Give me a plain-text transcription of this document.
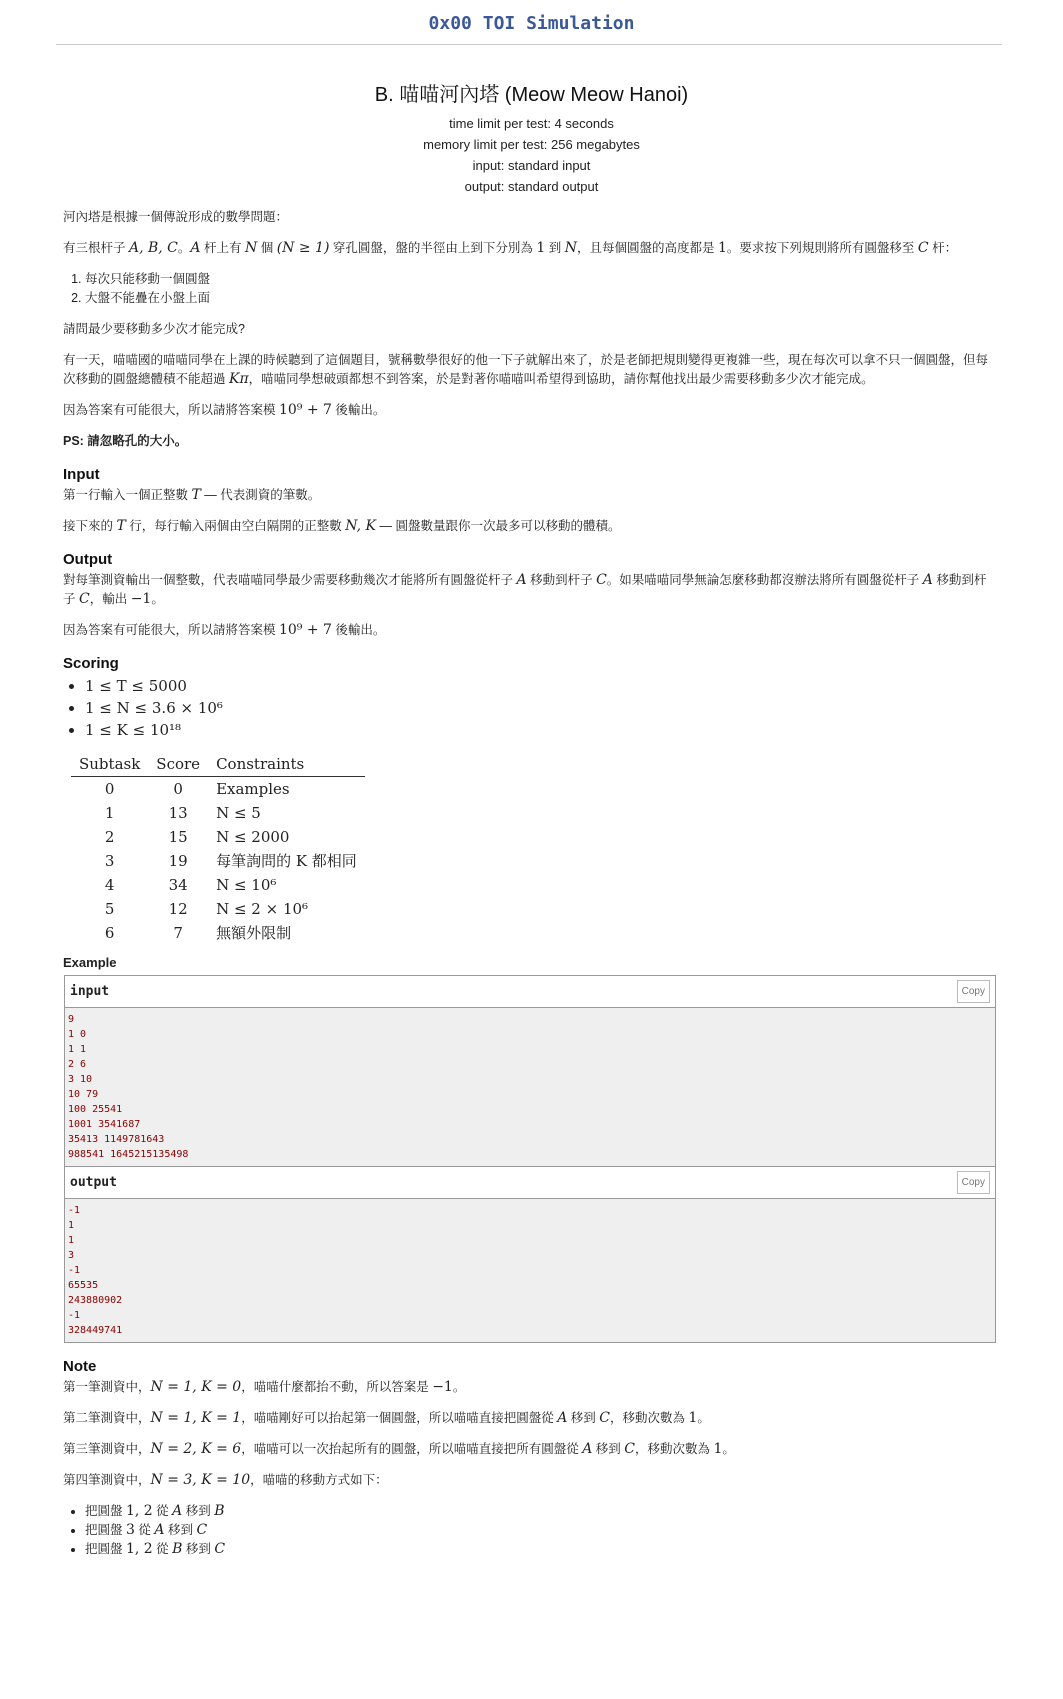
0x00 TOI Simulation
B. 喵喵河內塔 (Meow Meow Hanoi)
time limit per test: 4 seconds
memory limit per test: 256 megabytes
input: standard input
output: standard output

河內塔是根據一個傳說形成的數學問題：

有三根杆子 A, B, C。A 杆上有 N 個 (N ≥ 1) 穿孔圓盤，盤的半徑由上到下分別為 1 到 N，且每個圓盤的高度都是 1。要求按下列規則將所有圓盤移至 C 杆：

1. 每次只能移動一個圓盤
2. 大盤不能疊在小盤上面

請問最少要移動多少次才能完成?

有一天，喵喵國的喵喵同學在上課的時候聽到了這個題目，號稱數學很好的他一下子就解出來了，於是老師把規則變得更複雜一些，現在每次可以拿不只一個圓盤，但每次移動的圓盤總體積不能超過 Kπ，喵喵同學想破頭都想不到答案，於是對著你喵喵叫希望得到協助，請你幫他找出最少需要移動多少次才能完成。

因為答案有可能很大，所以請將答案模 10⁹ + 7 後輸出。

PS: 請忽略孔的大小。

Input

第一行輸入一個正整數 T — 代表測資的筆數。

接下來的 T 行，每行輸入兩個由空白隔開的正整數 N, K — 圓盤數量跟你一次最多可以移動的體積。

Output

對每筆測資輸出一個整數，代表喵喵同學最少需要移動幾次才能將所有圓盤從杆子 A 移動到杆子 C。如果喵喵同學無論怎麼移動都沒辦法將所有圓盤從杆子 A 移動到杆子 C，輸出 −1。

因為答案有可能很大，所以請將答案模 10⁹ + 7 後輸出。

Scoring
• 1 ≤ T ≤ 5000
• 1 ≤ N ≤ 3.6 × 10⁶
• 1 ≤ K ≤ 10¹⁸
Subtask	Score	Constraints
0	0	Examples
1	13	N ≤ 5
2	15	N ≤ 2000
3	19	每筆詢問的 K 都相同
4	34	N ≤ 10⁶
5	12	N ≤ 2 × 10⁶
6	7	無額外限制
Example
input	Copy
9
1 0
1 1
2 6
3 10
10 79
100 25541
1001 3541687
35413 1149781643
988541 1645215135498
output	Copy
-1
1
1
3
-1
65535
243880902
-1
328449741
Note

第一筆測資中，N = 1, K = 0，喵喵什麼都抬不動，所以答案是 −1。

第二筆測資中，N = 1, K = 1，喵喵剛好可以抬起第一個圓盤，所以喵喵直接把圓盤從 A 移到 C，移動次數為 1。

第三筆測資中，N = 2, K = 6，喵喵可以一次抬起所有的圓盤，所以喵喵直接把所有圓盤從 A 移到 C，移動次數為 1。

第四筆測資中，N = 3, K = 10，喵喵的移動方式如下：

• 把圓盤 1, 2 從 A 移到 B
• 把圓盤 3 從 A 移到 C
• 把圓盤 1, 2 從 B 移到 C
